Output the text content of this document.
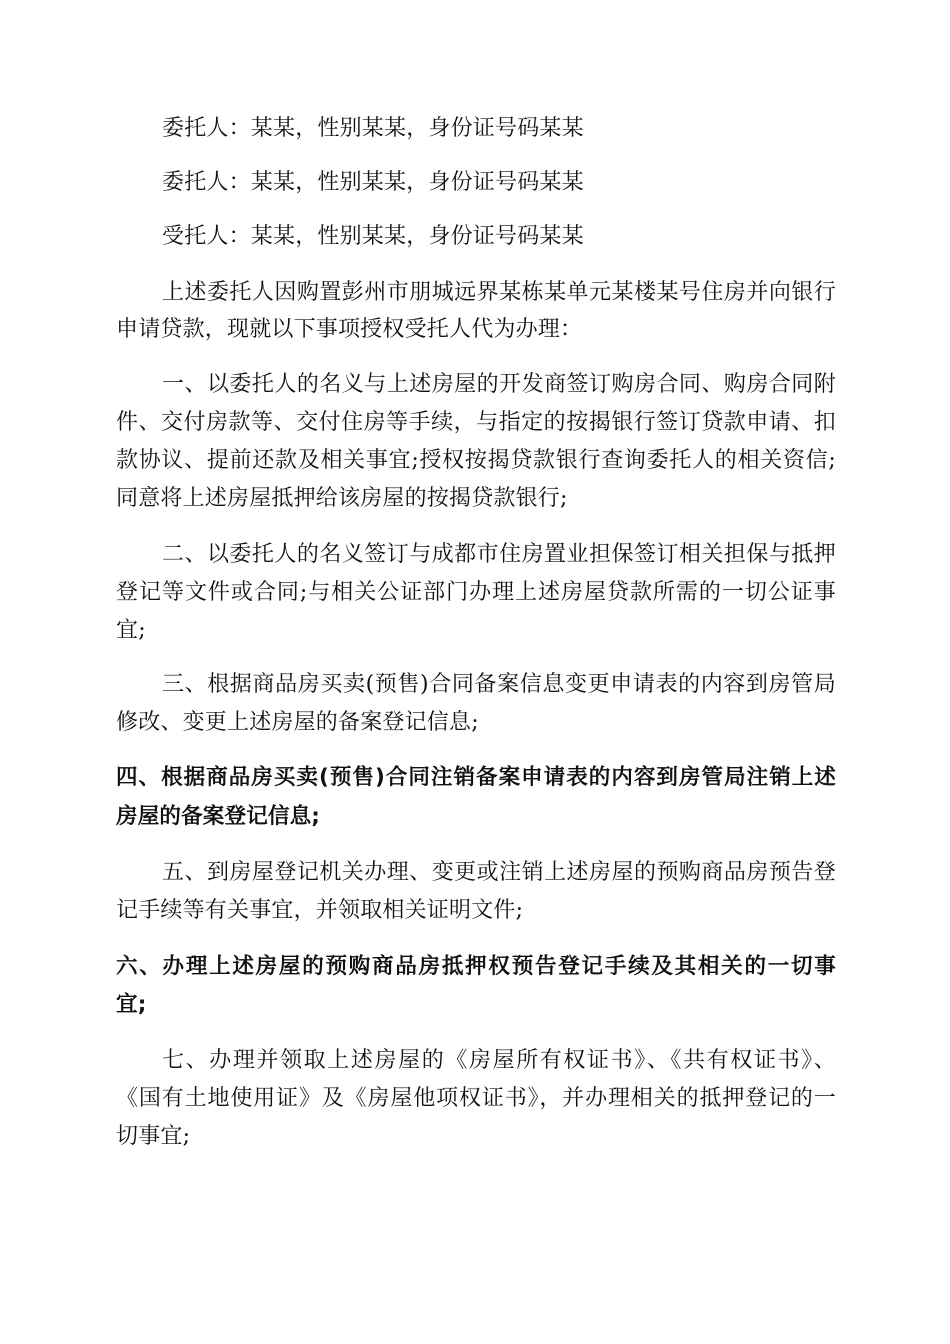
委托人：某某，性别某某，身份证号码某某
委托人：某某，性别某某，身份证号码某某
受托人：某某，性别某某，身份证号码某某
上述委托人因购置彭州市朋城远界某栋某单元某楼某号住房并向银行
申请贷款，现就以下事项授权受托人代为办理：
一、以委托人的名义与上述房屋的开发商签订购房合同、购房合同附
件、交付房款等、交付住房等手续，与指定的按揭银行签订贷款申请、扣
款协议、提前还款及相关事宜;授权按揭贷款银行查询委托人的相关资信;
同意将上述房屋抵押给该房屋的按揭贷款银行;
二、以委托人的名义签订与成都市住房置业担保签订相关担保与抵押
登记等文件或合同;与相关公证部门办理上述房屋贷款所需的一切公证事
宜;
三、根据商品房买卖(预售)合同备案信息变更申请表的内容到房管局
修改、变更上述房屋的备案登记信息;
四、根据商品房买卖(预售)合同注销备案申请表的内容到房管局注销上述
房屋的备案登记信息;
五、到房屋登记机关办理、变更或注销上述房屋的预购商品房预告登
记手续等有关事宜，并领取相关证明文件;
六、办理上述房屋的预购商品房抵押权预告登记手续及其相关的一切事
宜;
七、办理并领取上述房屋的《房屋所有权证书》、《共有权证书》、
《国有土地使用证》及《房屋他项权证书》，并办理相关的抵押登记的一
切事宜;
